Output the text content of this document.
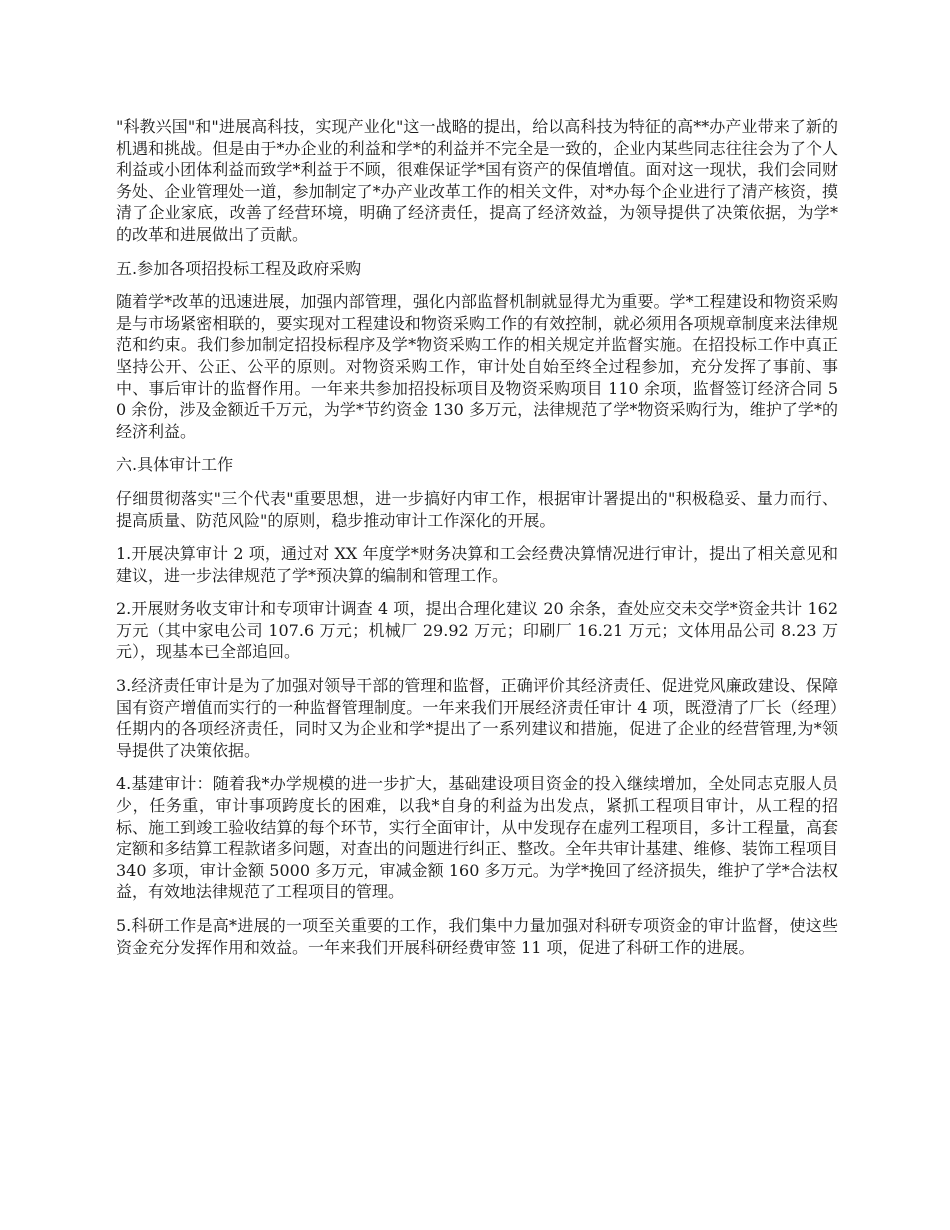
"科教兴国"和"进展高科技，实现产业化"这一战略的提出，给以高科技为特征的高**办产业带来了新的机遇和挑战。但是由于*办企业的利益和学*的利益并不完全是一致的，企业内某些同志往往会为了个人利益或小团体利益而致学*利益于不顾，很难保证学*国有资产的保值增值。面对这一现状，我们会同财务处、企业管理处一道，参加制定了*办产业改革工作的相关文件，对*办每个企业进行了清产核资，摸清了企业家底，改善了经营环境，明确了经济责任，提高了经济效益，为领导提供了决策依据，为学*的改革和进展做出了贡献。

五.参加各项招投标工程及政府采购

随着学*改革的迅速进展，加强内部管理，强化内部监督机制就显得尤为重要。学*工程建设和物资采购是与市场紧密相联的，要实现对工程建设和物资采购工作的有效控制，就必须用各项规章制度来法律规范和约束。我们参加制定招投标程序及学*物资采购工作的相关规定并监督实施。在招投标工作中真正坚持公开、公正、公平的原则。对物资采购工作，审计处自始至终全过程参加，充分发挥了事前、事中、事后审计的监督作用。一年来共参加招投标项目及物资采购项目 110 余项，监督签订经济合同 50 余份，涉及金额近千万元，为学*节约资金 130 多万元，法律规范了学*物资采购行为，维护了学*的经济利益。

六.具体审计工作

仔细贯彻落实"三个代表"重要思想，进一步搞好内审工作，根据审计署提出的"积极稳妥、量力而行、提高质量、防范风险"的原则，稳步推动审计工作深化的开展。

1.开展决算审计 2 项，通过对 XX 年度学*财务决算和工会经费决算情况进行审计，提出了相关意见和建议，进一步法律规范了学*预决算的编制和管理工作。

2.开展财务收支审计和专项审计调查 4 项，提出合理化建议 20 余条，查处应交未交学*资金共计 162 万元（其中家电公司 107.6 万元；机械厂 29.92 万元；印刷厂 16.21 万元；文体用品公司 8.23 万元），现基本已全部追回。

3.经济责任审计是为了加强对领导干部的管理和监督，正确评价其经济责任、促进党风廉政建设、保障国有资产增值而实行的一种监督管理制度。一年来我们开展经济责任审计 4 项，既澄清了厂长（经理）任期内的各项经济责任，同时又为企业和学*提出了一系列建议和措施，促进了企业的经营管理,为*领导提供了决策依据。

4.基建审计：随着我*办学规模的进一步扩大，基础建设项目资金的投入继续增加，全处同志克服人员少，任务重，审计事项跨度长的困难，以我*自身的利益为出发点，紧抓工程项目审计，从工程的招标、施工到竣工验收结算的每个环节，实行全面审计，从中发现存在虚列工程项目，多计工程量，高套定额和多结算工程款诸多问题，对查出的问题进行纠正、整改。全年共审计基建、维修、装饰工程项目 340 多项，审计金额 5000 多万元，审减金额 160 多万元。为学*挽回了经济损失，维护了学*合法权益，有效地法律规范了工程项目的管理。

5.科研工作是高*进展的一项至关重要的工作，我们集中力量加强对科研专项资金的审计监督，使这些资金充分发挥作用和效益。一年来我们开展科研经费审签 11 项，促进了科研工作的进展。
